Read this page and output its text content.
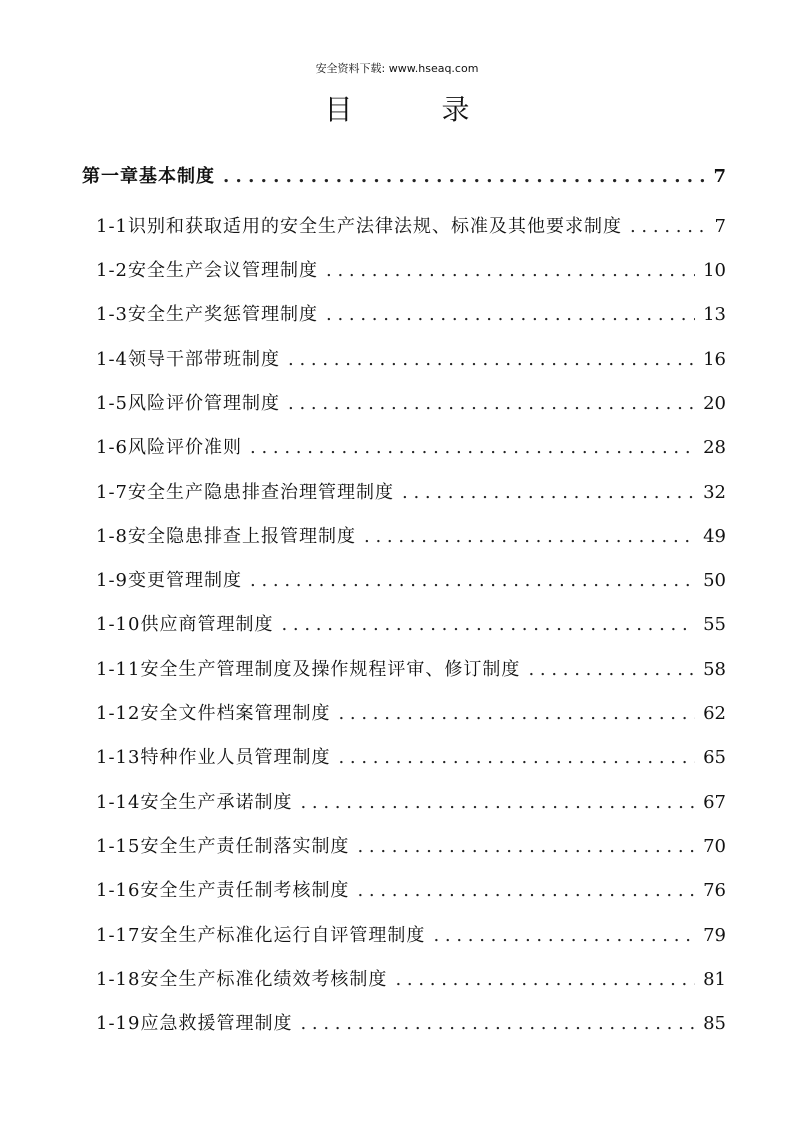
安全资料下载: www.hseaq.com
目 录
第一章基本制度 . . .	7
1-1识别和获取适用的安全生产法律法规、标准及其他要求制度 . . .	7
1-2安全生产会议管理制度 . . .	10
1-3安全生产奖惩管理制度 . . .	13
1-4领导干部带班制度 . . .	16
1-5风险评价管理制度 . . .	20
1-6风险评价准则 . . .	28
1-7安全生产隐患排查治理管理制度 . . .	32
1-8安全隐患排查上报管理制度 . . .	49
1-9变更管理制度 . . .	50
1-10供应商管理制度 . . .	55
1-11安全生产管理制度及操作规程评审、修订制度 . . .	58
1-12安全文件档案管理制度 . . .	62
1-13特种作业人员管理制度 . . .	65
1-14安全生产承诺制度 . . .	67
1-15安全生产责任制落实制度 . . .	70
1-16安全生产责任制考核制度 . . .	76
1-17安全生产标准化运行自评管理制度 . . .	79
1-18安全生产标准化绩效考核制度 . . .	81
1-19应急救援管理制度 . . .	85
